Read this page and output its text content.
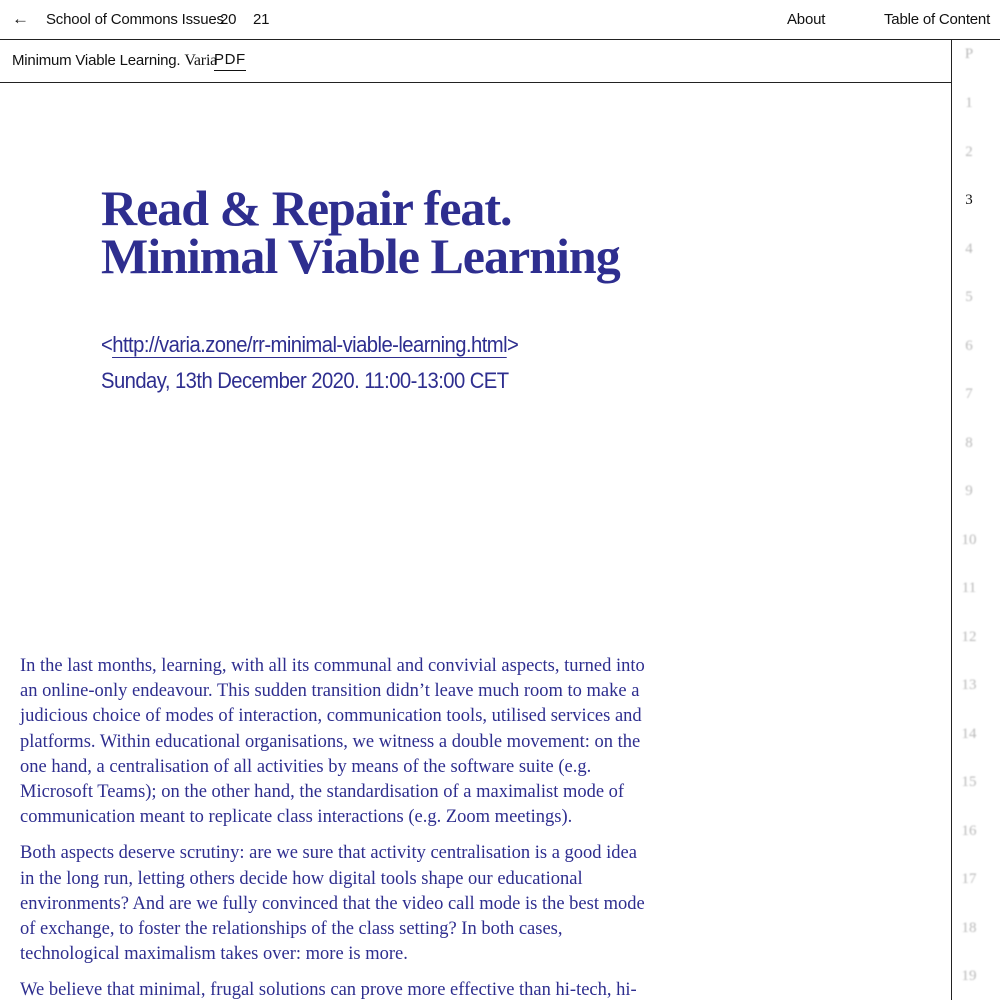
← School of Commons Issues
20 21	About	Table of Content
Minimum Viable Learning. Varia
PDF	P
1
2
3
4
5
6
7
8
9
10
11
12
13
14
15
16
17
18
19
Read & Repair feat.
Minimal Viable Learning
<http://varia.zone/rr-minimal-viable-learning.html>
Sunday, 13th December 2020. 11:00-13:00 CET

In the last months, learning, with all its communal and convivial aspects, turned into an online-only endeavour. This sudden transition didn’t leave much room to make a judicious choice of modes of interaction, communication tools, utilised services and platforms. Within educational organisations, we witness a double movement: on the one hand, a centralisation of all activities by means of the software suite (e.g. Microsoft Teams); on the other hand, the standardisation of a maximalist mode of communication meant to replicate class interactions (e.g. Zoom meetings).

Both aspects deserve scrutiny: are we sure that activity centralisation is a good idea in the long run, letting others decide how digital tools shape our educational environments? And are we fully convinced that the video call mode is the best mode of exchange, to foster the relationships of the class setting? In both cases, technological maximalism takes over: more is more.

We believe that minimal, frugal solutions can prove more effective than hi-tech, hi-
